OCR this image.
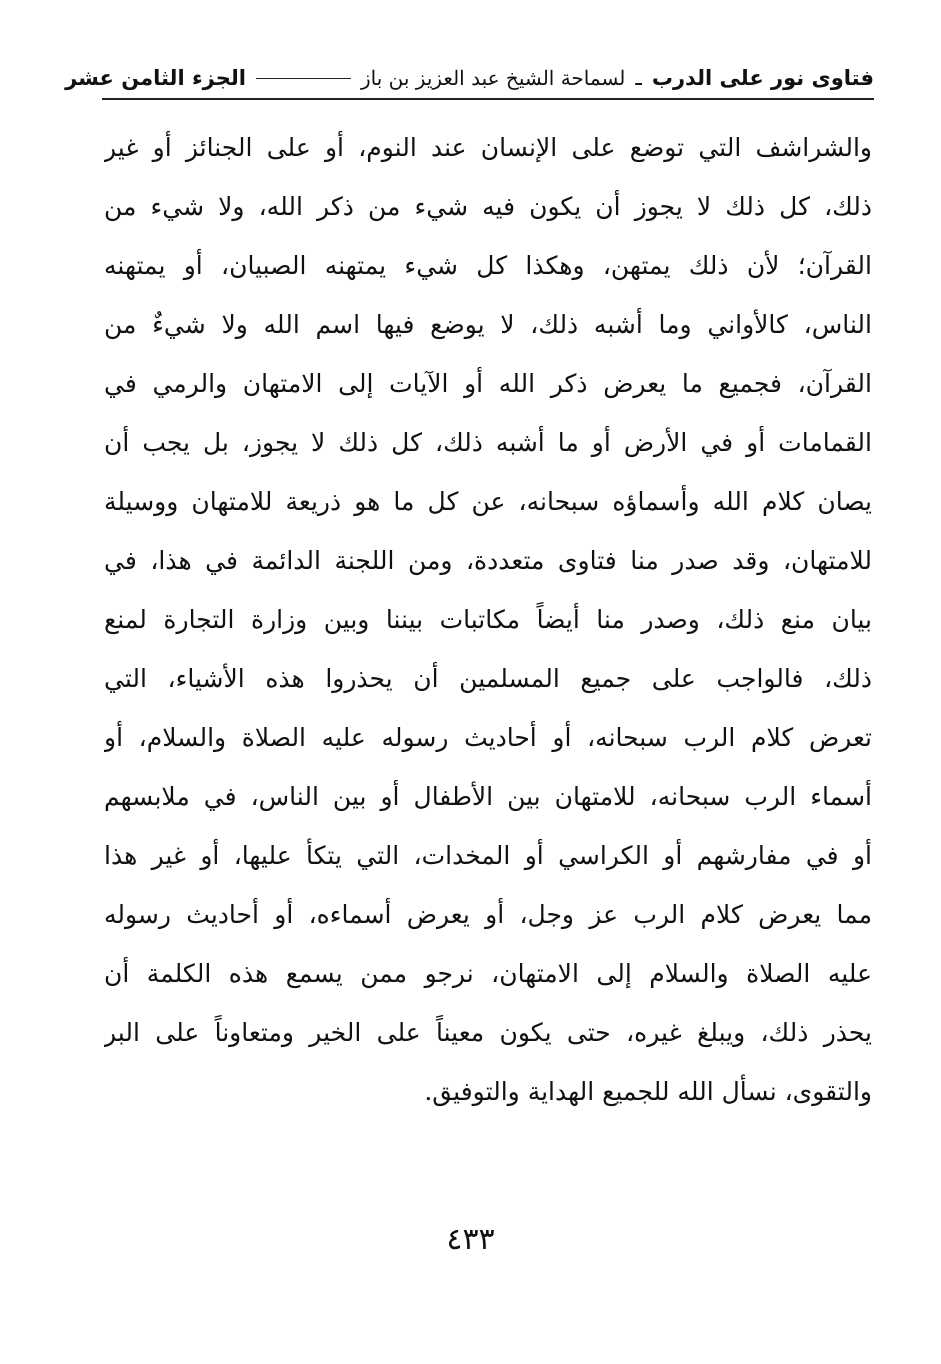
فتاوى نور على الدرب
ـ
لسماحة الشيخ عبد العزيز بن باز
الجزء الثامن عشر
والشراشف التي توضع على الإنسان عند النوم، أو على الجنائز أو غير
ذلك، كل ذلك لا يجوز أن يكون فيه شيء من ذكر الله، ولا شيء من
القرآن؛ لأن ذلك يمتهن، وهكذا كل شيء يمتهنه الصبيان، أو يمتهنه
الناس، كالأواني وما أشبه ذلك، لا يوضع فيها اسم الله ولا شيءٌ من
القرآن، فجميع ما يعرض ذكر الله أو الآيات إلى الامتهان والرمي في
القمامات أو في الأرض أو ما أشبه ذلك، كل ذلك لا يجوز، بل يجب أن
يصان كلام الله وأسماؤه سبحانه، عن كل ما هو ذريعة للامتهان ووسيلة
للامتهان، وقد صدر منا فتاوى متعددة، ومن اللجنة الدائمة في هذا، في
بيان منع ذلك، وصدر منا أيضاً مكاتبات بيننا وبين وزارة التجارة لمنع
ذلك، فالواجب على جميع المسلمين أن يحذروا هذه الأشياء، التي
تعرض كلام الرب سبحانه، أو أحاديث رسوله عليه الصلاة والسلام، أو
أسماء الرب سبحانه، للامتهان بين الأطفال أو بين الناس، في ملابسهم
أو في مفارشهم أو الكراسي أو المخدات، التي يتكأ عليها، أو غير هذا
مما يعرض كلام الرب عز وجل، أو يعرض أسماءه، أو أحاديث رسوله
عليه الصلاة والسلام إلى الامتهان، نرجو ممن يسمع هذه الكلمة أن
يحذر ذلك، ويبلغ غيره، حتى يكون معيناً على الخير ومتعاوناً على البر
والتقوى، نسأل الله للجميع الهداية والتوفيق.
٤٣٣
